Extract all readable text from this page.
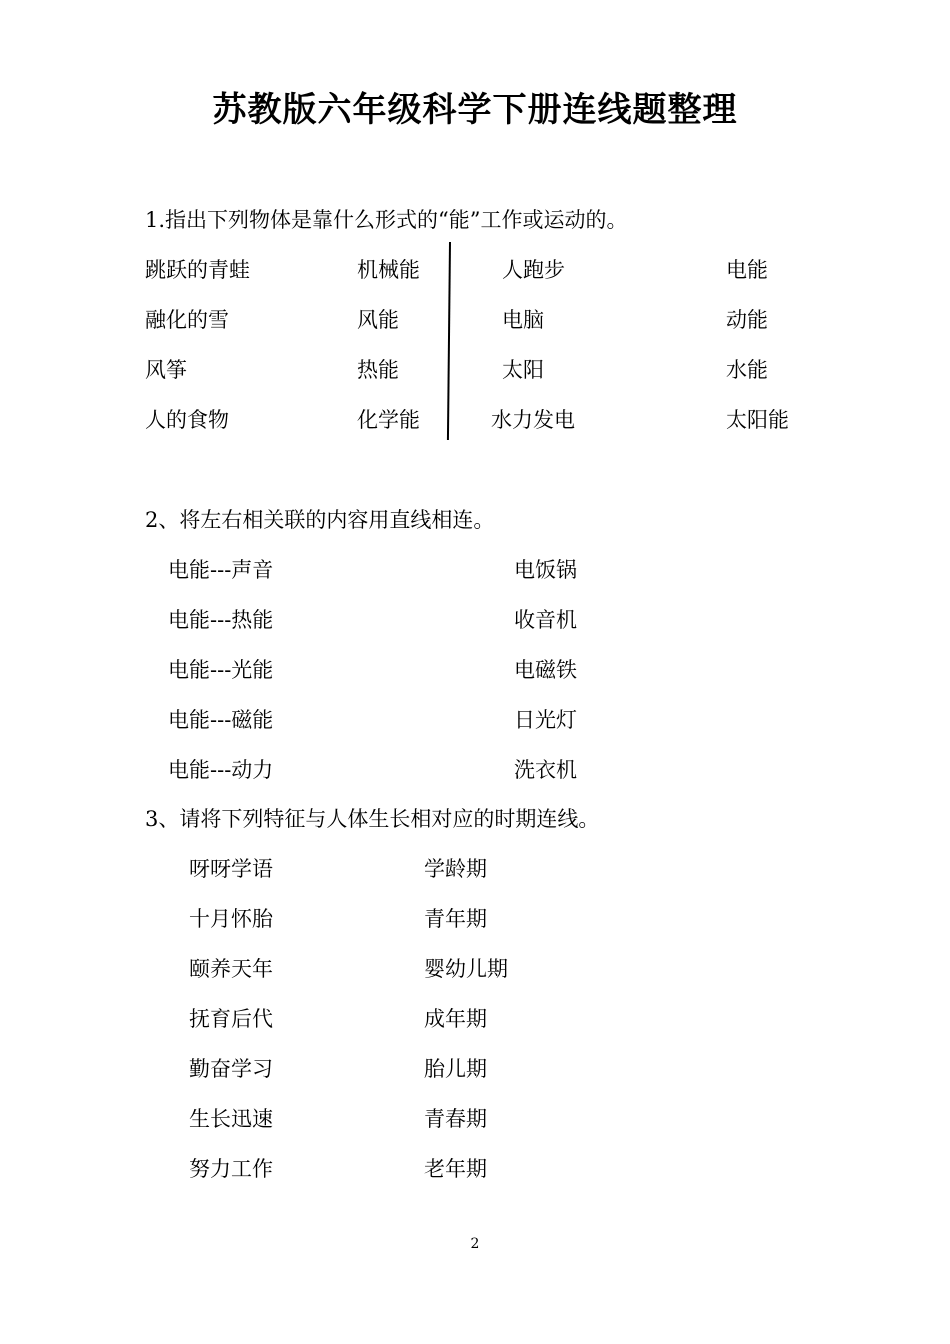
苏教版六年级科学下册连线题整理
1.指出下列物体是靠什么形式的“能”工作或运动的。
跳跃的青蛙
融化的雪
风筝
人的食物
机械能
风能
热能
化学能
人跑步
电脑
太阳
水力发电
电能
动能
水能
太阳能
2、将左右相关联的内容用直线相连。
电能---声音
电能---热能
电能---光能
电能---磁能
电能---动力
电饭锅
收音机
电磁铁
日光灯
洗衣机
3、请将下列特征与人体生长相对应的时期连线。
呀呀学语
十月怀胎
颐养天年
抚育后代
勤奋学习
生长迅速
努力工作
学龄期
青年期
婴幼儿期
成年期
胎儿期
青春期
老年期
2
